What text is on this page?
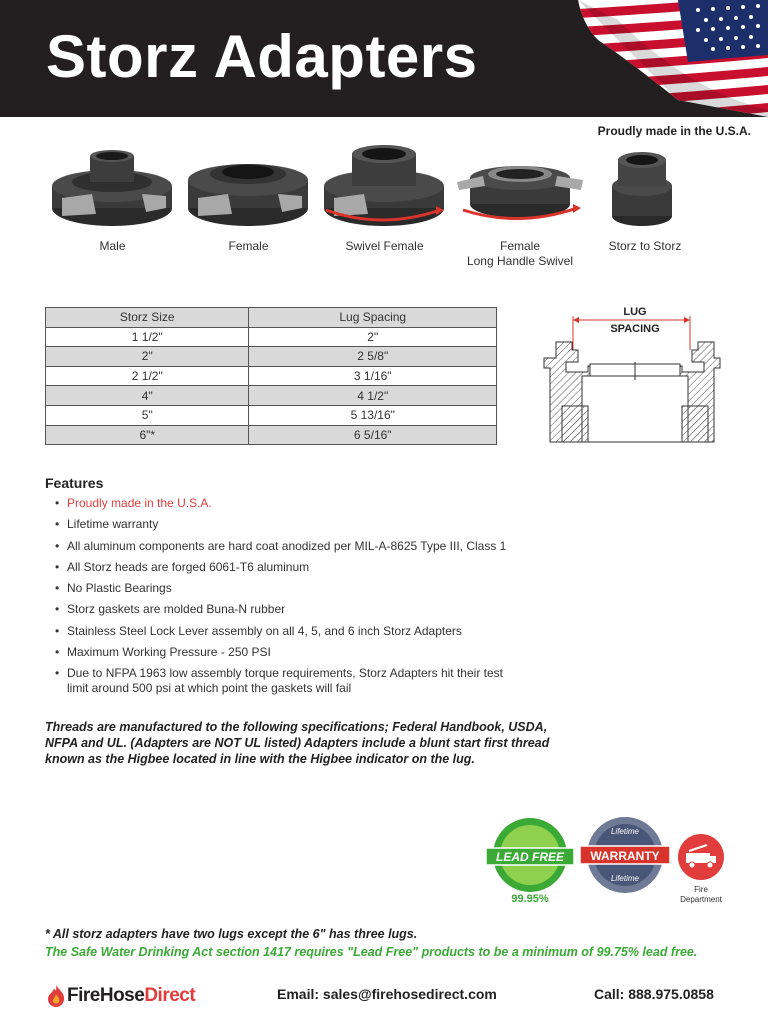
Storz Adapters
Proudly made in the U.S.A.
Male	Female	Swivel Female	Female
Long Handle Swivel
Storz to Storz
Storz Size	Lug Spacing
1 1/2"	2"
2"	2 5/8"
2 1/2"	3 1/16"
4"	4 1/2"
5"	5 13/16"
6"*	6 5/16"
LUG
SPACING
Features
• Proudly made in the U.S.A.
• Lifetime warranty
• All aluminum components are hard coat anodized per MIL-A-8625 Type III, Class 1
• All Storz heads are forged 6061-T6 aluminum
• No Plastic Bearings
• Storz gaskets are molded Buna-N rubber
• Stainless Steel Lock Lever assembly on all 4, 5, and 6 inch Storz Adapters
• Maximum Working Pressure - 250 PSI
• Due to NFPA 1963 low assembly torque requirements, Storz Adapters hit their test limit around 500 psi at which point the gaskets will fail
Threads are manufactured to the following specifications; Federal Handbook, USDA, NFPA and UL. (Adapters are NOT UL listed) Adapters include a blunt start first thread known as the Higbee located in line with the Higbee indicator on the lug.
LEAD FREE
99.95%
Lifetime
WARRANTY
Lifetime
Fire
Department
* All storz adapters have two lugs except the 6" has three lugs.
The Safe Water Drinking Act section 1417 requires "Lead Free" products to be a minimum of 99.75% lead free.
FireHose Direct	Email: sales@firehosedirect.com	Call: 888.975.0858
